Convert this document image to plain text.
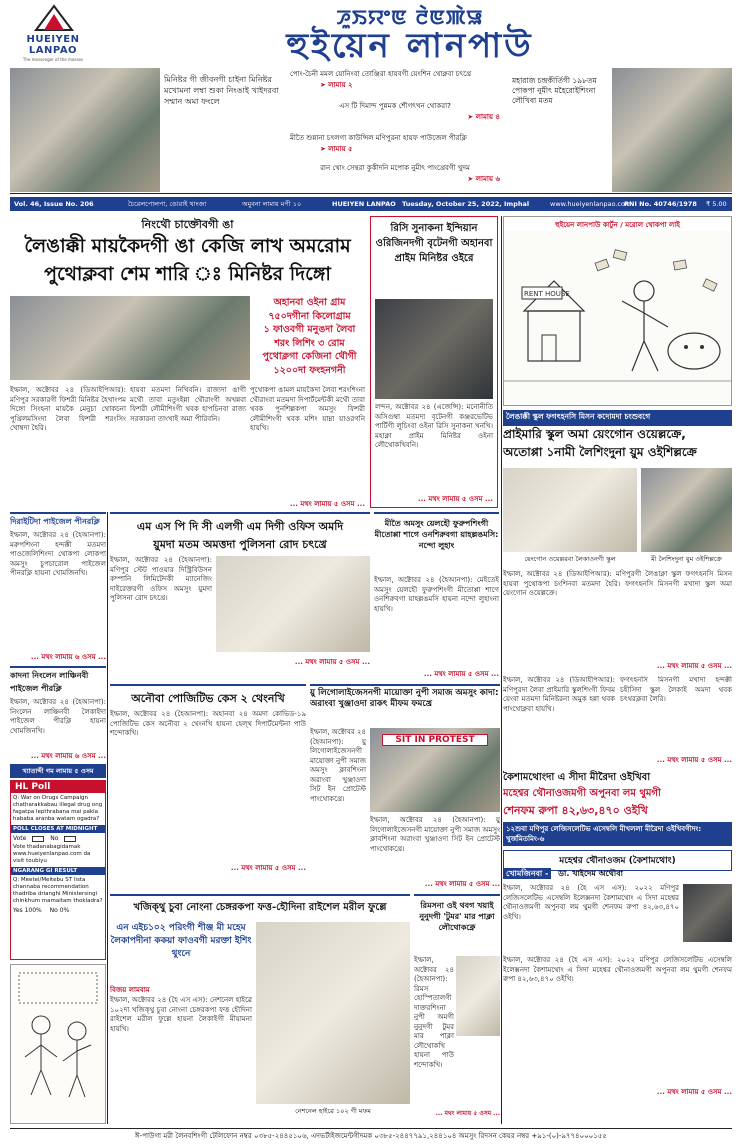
HUEIYEN
LANPAO
The messenger of the masses
ꯍꯨꯏꯌꯦꯟ ꯂꯥꯟꯄꯥꯎ
হুইয়েন লানপাউ
মিনিষ্টর গী জীবনগী চাইনা মিনিষ্টর মখোমনা লম্বা শুকা নিংঙাই খাইদরবা সম্মান অমা ফংলে
পোং-চৈনী মমল য়োনিংবা তোঞ্জিরা হায়বগী য়েংশিন থোক্নবা চৎখ্রে
➤ লামায় ২
এস টি দিমান্দ পুন্নমক শৌগৎখন থোকরা?
➤ লামায় ৪
মীতৈ শুন্নানা চৎলগা কাউন্সিল মণিপুরনা হায়ফ পাউজেল পীরক্লি
➤ লামায় ৫
রান থোং সেন্থরা কুকীদনি মপোক নুমীৎ পাংখ্রেবগী খুদম
➤ লামায় ৬
মহারাজ চন্দ্রকীর্তিগী ১৯৮তম পোকপা নুমীৎ মহৈরোইশিংনা লৌখিবা মতম
Vol. 46, Issue No. 206	চৈরেলপোলপা, ঙোরাই থাংজা	অমুবনা লামায় মপী ১০	HUEIYEN LANPAO Tuesday, October 25, 2022, Imphal	www.hueiyenlanpao.com
RNI No. 40746/1978 ₹ 5.00
নিংথৌ চাক্তৌবগী ঙা
লৈঙাক্কী মায়কৈদগী ঙা কেজি লাখ অমরোম
পুথোক্লবা শেম শারি ঃ মিনিষ্টর দিঙ্গো
অহানবা ওইনা গ্রাম
৭৫০দগীনা কিলোগ্রাম
১ ফাওবগী মনুঙদা লৈবা
শরং লিশিং ৩ রোম
পুথোক্লগা কেজিনা থৌগী
১২০০দা ফংহনগনী
ইম্ফাল, অক্টোবর ২৪ (ডিআইপিআর): মণিপুর সরকারগী ফিশরী মিনিষ্টর হৈখাংপম দিঙ্গো সিংহনা মায়কৈ মেনুচা থোকচনা পুখ্রিলমসিংদা লৈবা ফিশরী শরংসিং খোম্বদা হৈরি।
হায়বা মতমদা নিখিবনি। রাজ্যদা ঙাগী মথৌ তাবা মতুংইন্না থৌরাংগী অখন্নবা ফিশরী লৌমীশিংগী থবক হাপচিনবা রাজ্য সরকারনা তাংখাই অমা পীরিবনি।
পুথোকপা ঙামল মায়কৈদা লৈবা শরংশিংনা থৌরাংবা মতমদা দিপার্টমেন্টকী মথৌ তাবা থবক পুনশিল্লকপা অমসুং ফিশরী লৌমীশিংগী থবক মশিং য়াম্না য়াওরগনি হায়খি।
... মথং লামায় ৫ ওসম ...
রিসি সুনাকনা ইন্দিয়ান ওরিজিনদগী বৃটেনগী অহানবা প্রাইম মিনিষ্টর ওইরে
লন্দন, অক্টোবর ২৪ (এজেন্সি): মনোনীতি অসিগুম্বা মতমদা বৃটেনগী কঞ্জরভেটিভ পার্টিগী লুচিংবা ওইনা রিসি সুনাকনা খনখি। মহাক্না প্রাইম মিনিষ্টর ওইনা লৌথোকখিবনি।
... মথং লামায় ৫ ওসম ...
হুইয়েন লানপাউ কার্টুন / মরোল থোকপা লাই
RENT HOUSE
লৈঙাক্কী স্কুল ফগৎহনসি মিসন কদোমদা চংশুবগে
প্রাইমারি স্কুল অমা য়েংগোন ওয়েল্লক্রে,
অতোপ্পা ১নামী লৈশিংদুনা য়ুম ওইশিল্লক্রে
য়েংগোন ওয়েল্লরবা লৈকাওনগী স্কুল	মী লৈশিংদুনা য়ুম ওইশিল্লক্রে
ইম্ফাল, অক্টোবর ২৪ (ডিআইপিআর): মণিপুরগী লৈঙাক্না স্কুল ফগৎহনসি মিসন হায়বা পুথোকপা চংশিনবা মতমদা হৈরি। ফগৎহনসি মিসনগী মখাদা স্কুল অমা য়েংগোন ওয়েল্লক্রে।
... মথং লামায় ৫ ওসম ...
দিরাইটিদা পাইজেল পীনরক্লি
ইম্ফাল, অক্টোবর ২৪ (হৈআনপা): মরুপশিংনা হন্দক্কী মতমদা পাওজেলিশিংদা থোকপা লোকপা অমসুং চুপচারোল পাইজেল পীনরক্লি হায়না খোমজিনখি।
... মথং লামায় ৬ ওসম ...
কাদনা নিংলেন লাঞ্চিনবী পাইজেল পীরক্লি
ইম্ফাল, অক্টোবর ২৪ (হৈআনপা): নিংলেন লাঞ্চিনবী লৈকাইদা পাইজেল পীরক্লি হায়না খোমজিনখি।
... মথং লামায় ৬ ওসম ...
খ্যাতাব্দী গম লামায় ৫ ওসম
HL Poll
Q: War on Drugs Campaign chatharakkabau illegal drug ong fagatpa lepthrabana mai pakla hababa aranba watam ogadra?
POLL CLOSES AT MIDNIGHT
Vote	No
Vote thadanabagidamak www.hueiyenlanpao.com da visit toubiyu
NGARANG GI RESULT
Q: Meetei/Meitebu ST lista channaba recommendation thadriba drianghi Ministersingi chinkhum mamaitam thokladra?
Yes 100% No 0%
এম এস পি দি সী এলগী এম দিগী ওফিস অমদি
য়ুমদা মতম অমত্তদা পুলিসনা রোদ চৎখ্রে
ইম্ফাল, অক্টোবর ২৪ (হৈআনপা): মণিপুর স্টেট পাওয়ার দিস্ট্রিবিউসন কম্পানি লিমিটেদকী ম্যানেজিং দাইরেক্তরগী ওফিস অমসুং য়ুমদা পুলিসনা রোদ চৎখ্রে।
... মথং লামায় ৫ ওসম ...
মীতৈ অমসুং য়েলহৌ ফুরুপশিংগী মীতোপ্পা শাগে ওনশিরুবগা য়াহল্লঙমসি: নন্দো লুহাং
ইম্ফাল, অক্টোবর ২৪ (হৈআনপা): মেইতেই অমসুং য়েলহৌ ফুরুপশিংগী মীতোপ্পা শাগে ওনশিরুবগা য়াহল্লঙমসি হায়না নন্দো লুহাংনা হায়খি।
... মথং লামায় ৫ ওসম ...
ইম্ফাল, অক্টোবর ২৪ (ডিআইপিআর): মণিপুরদা লৈবা প্রাইমারি স্কুলশিংগী ফিবম য়েংবা মতমদা মিনিষ্টরনা অমুক হন্না থবক পাংথোক্নবা হায়খি।
ফগৎহনসি মিসনগী মখাদা হন্দক্কী চহীসিদা স্কুল লৈকাই অমদা থবক চৎথরক্লবা লৈরি।
... মথং লামায় ৫ ওসম ...
অনৌবা পোজিটিভ কেস ২ থেংনখি
ইম্ফাল, অক্টোবর ২৪ (হৈআনপা): অহানবা ২৪ অমদা কোভিড-১৯ পোজিটিভ কেস অনৌবা ২ থেংনখি হায়না হেল্থ দিপার্টমেন্টনা পাউ শন্দোকখি।
... মথং লামায় ৫ ওসম ...
য়ু লিগোলাইজেসনগী মায়োক্তা নুপী সমাজ অমসুং কাদা: অরাংবা খুঞ্জাওদা রাকৎ মীফম ফমখ্রে
SIT IN PROTEST
ইম্ফাল, অক্টোবর ২৪ (হৈআনপা): য়ু লিগোলাইজেসনগী মায়োক্তা নুপী সমাজ অমসুং ক্লাবশিংনা অরাংবা খুঞ্জাওদা সিট ইন প্রোটেস্ট পাংথোকখ্রে।
ইম্ফাল, অক্টোবর ২৪ (হৈআনপা): য়ু লিগোলাইজেসনগী মায়োক্তা নুপী সমাজ অমসুং ক্লাবশিংনা অরাংবা খুঞ্জাওদা সিট ইন প্রোটেস্ট পাংথোকখ্রে।
... মথং লামায় ৫ ওসম ...
কৈশামথোংদা এ সীদা মীরৈদা ওইখিবা
মহেশ্বর থৌনাওজমগী অপুনবা লম থুমগী
শেনফম রুপা ৪২,৬৩,৪৭০ ওইখি
১২শুবা মণিপুর লেজিসলেটিভ এসেম্বলি মীখললা মীরৈদা ওইখিবগীদং: খুর্জমিতমিং-৬
মহেশ্বর থৌনাওজম (কৈশামথোং)
খোমজিনবা - ডা. খাইদেম অথৌবা
ইম্ফাল, অক্টোবর ২৪ (হৈ এস এস): ২০২২ মণিপুর লেজিসলেটিভ এসেম্বলি ইলেক্সনদা কৈশামথোং এ সিদা মহেশ্বর থৌনাওজমগী অপুনবা লম থুমগী শেনফম রুপা ৪২,৬৩,৪৭০ ওইখি।
ইম্ফাল, অক্টোবর ২৪ (হৈ এস এস): ২০২২ মণিপুর লেজিসলেটিভ এসেম্বলি ইলেক্সনদা কৈশামথোং এ সিদা মহেশ্বর থৌনাওজমগী অপুনবা লম থুমগী শেনফম রুপা ৪২,৬৩,৪৭০ ওইখি।
... মথং লামায় ৫ ওসম ...
খজিক্থু চুবা নোংনা চেঙ্গরকপা ফত্ত-হৌদিনা রাইশেল মরীল ফুল্লে
এন এইচ১০২ পরিংগী শীঞ্জ মী মহেম লৈকাপদীনা ককয়া ফাওবগী মরক্তা ইশিং থুংনে
বিজয় লামবাম
ইম্ফাল, অক্টোবর ২৪ (হৈ এস এস): নেশনেল হাইৱে ১০২দা খজিক্থু চুবা নোংনা চেঙ্গরকপা ফত্ত হৌদিনা রাইশেল মরীল ফুল্লে হায়না লৈকাইগী মীয়ামনা হায়খি।
নেশনেল হাইৱে ১০২ গী মফম
রিমসনা ওই থবগ খয়াই নুনুদগী 'টুমর' মার পাক্লা লৌথোকক্নে
ইম্ফাল, অক্টোবর ২৪ (হৈআনপা): রিমস হোস্পিতালগী দাক্তরশিংনা নুপী অমগী নুনুদগী টুমর মার পাক্লা লৌথোকখি হায়না পাউ শন্দোকখি।
... মথং লামায় ৫ ওসম ...
ঈ-পাউগা মরী লৈনবশিংগী টেলিফোন নম্বর ০৩৮৫-২৪৪৫১০৬, এদভর্টাইজমেন্টগীদমক ০৩৮৫-২৪৪৭৭৯১,২৪৪১০৪ অমসুং রিদসন কেয়র নম্বর +৯১-(০)-৯৭৭৪০০০১৫৫
